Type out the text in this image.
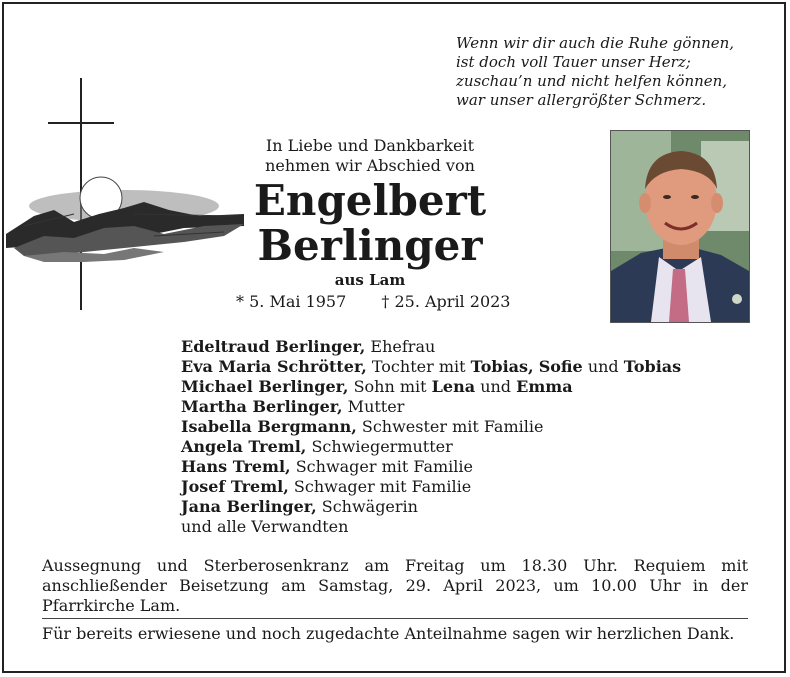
Wenn wir dir auch die Ruhe gönnen,
ist doch voll Tauer unser Herz;
zuschau’n und nicht helfen können,
war unser allergrößter Schmerz.
In Liebe und Dankbarkeit
nehmen wir Abschied von
Engelbert
Berlinger
aus Lam
* 5. Mai 1957 † 25. April 2023
Edeltraud Berlinger, Ehefrau
Eva Maria Schrötter, Tochter mit Tobias, Sofie und Tobias
Michael Berlinger, Sohn mit Lena und Emma
Martha Berlinger, Mutter
Isabella Bergmann, Schwester mit Familie
Angela Treml, Schwiegermutter
Hans Treml, Schwager mit Familie
Josef Treml, Schwager mit Familie
Jana Berlinger, Schwägerin
und alle Verwandten
Aussegnung und Sterberosenkranz am Freitag um 18.30 Uhr. Requiem mit anschließender Beisetzung am Samstag, 29. April 2023, um 10.00 Uhr in der Pfarrkirche Lam.
Für bereits erwiesene und noch zugedachte Anteilnahme sagen wir herzlichen Dank.
